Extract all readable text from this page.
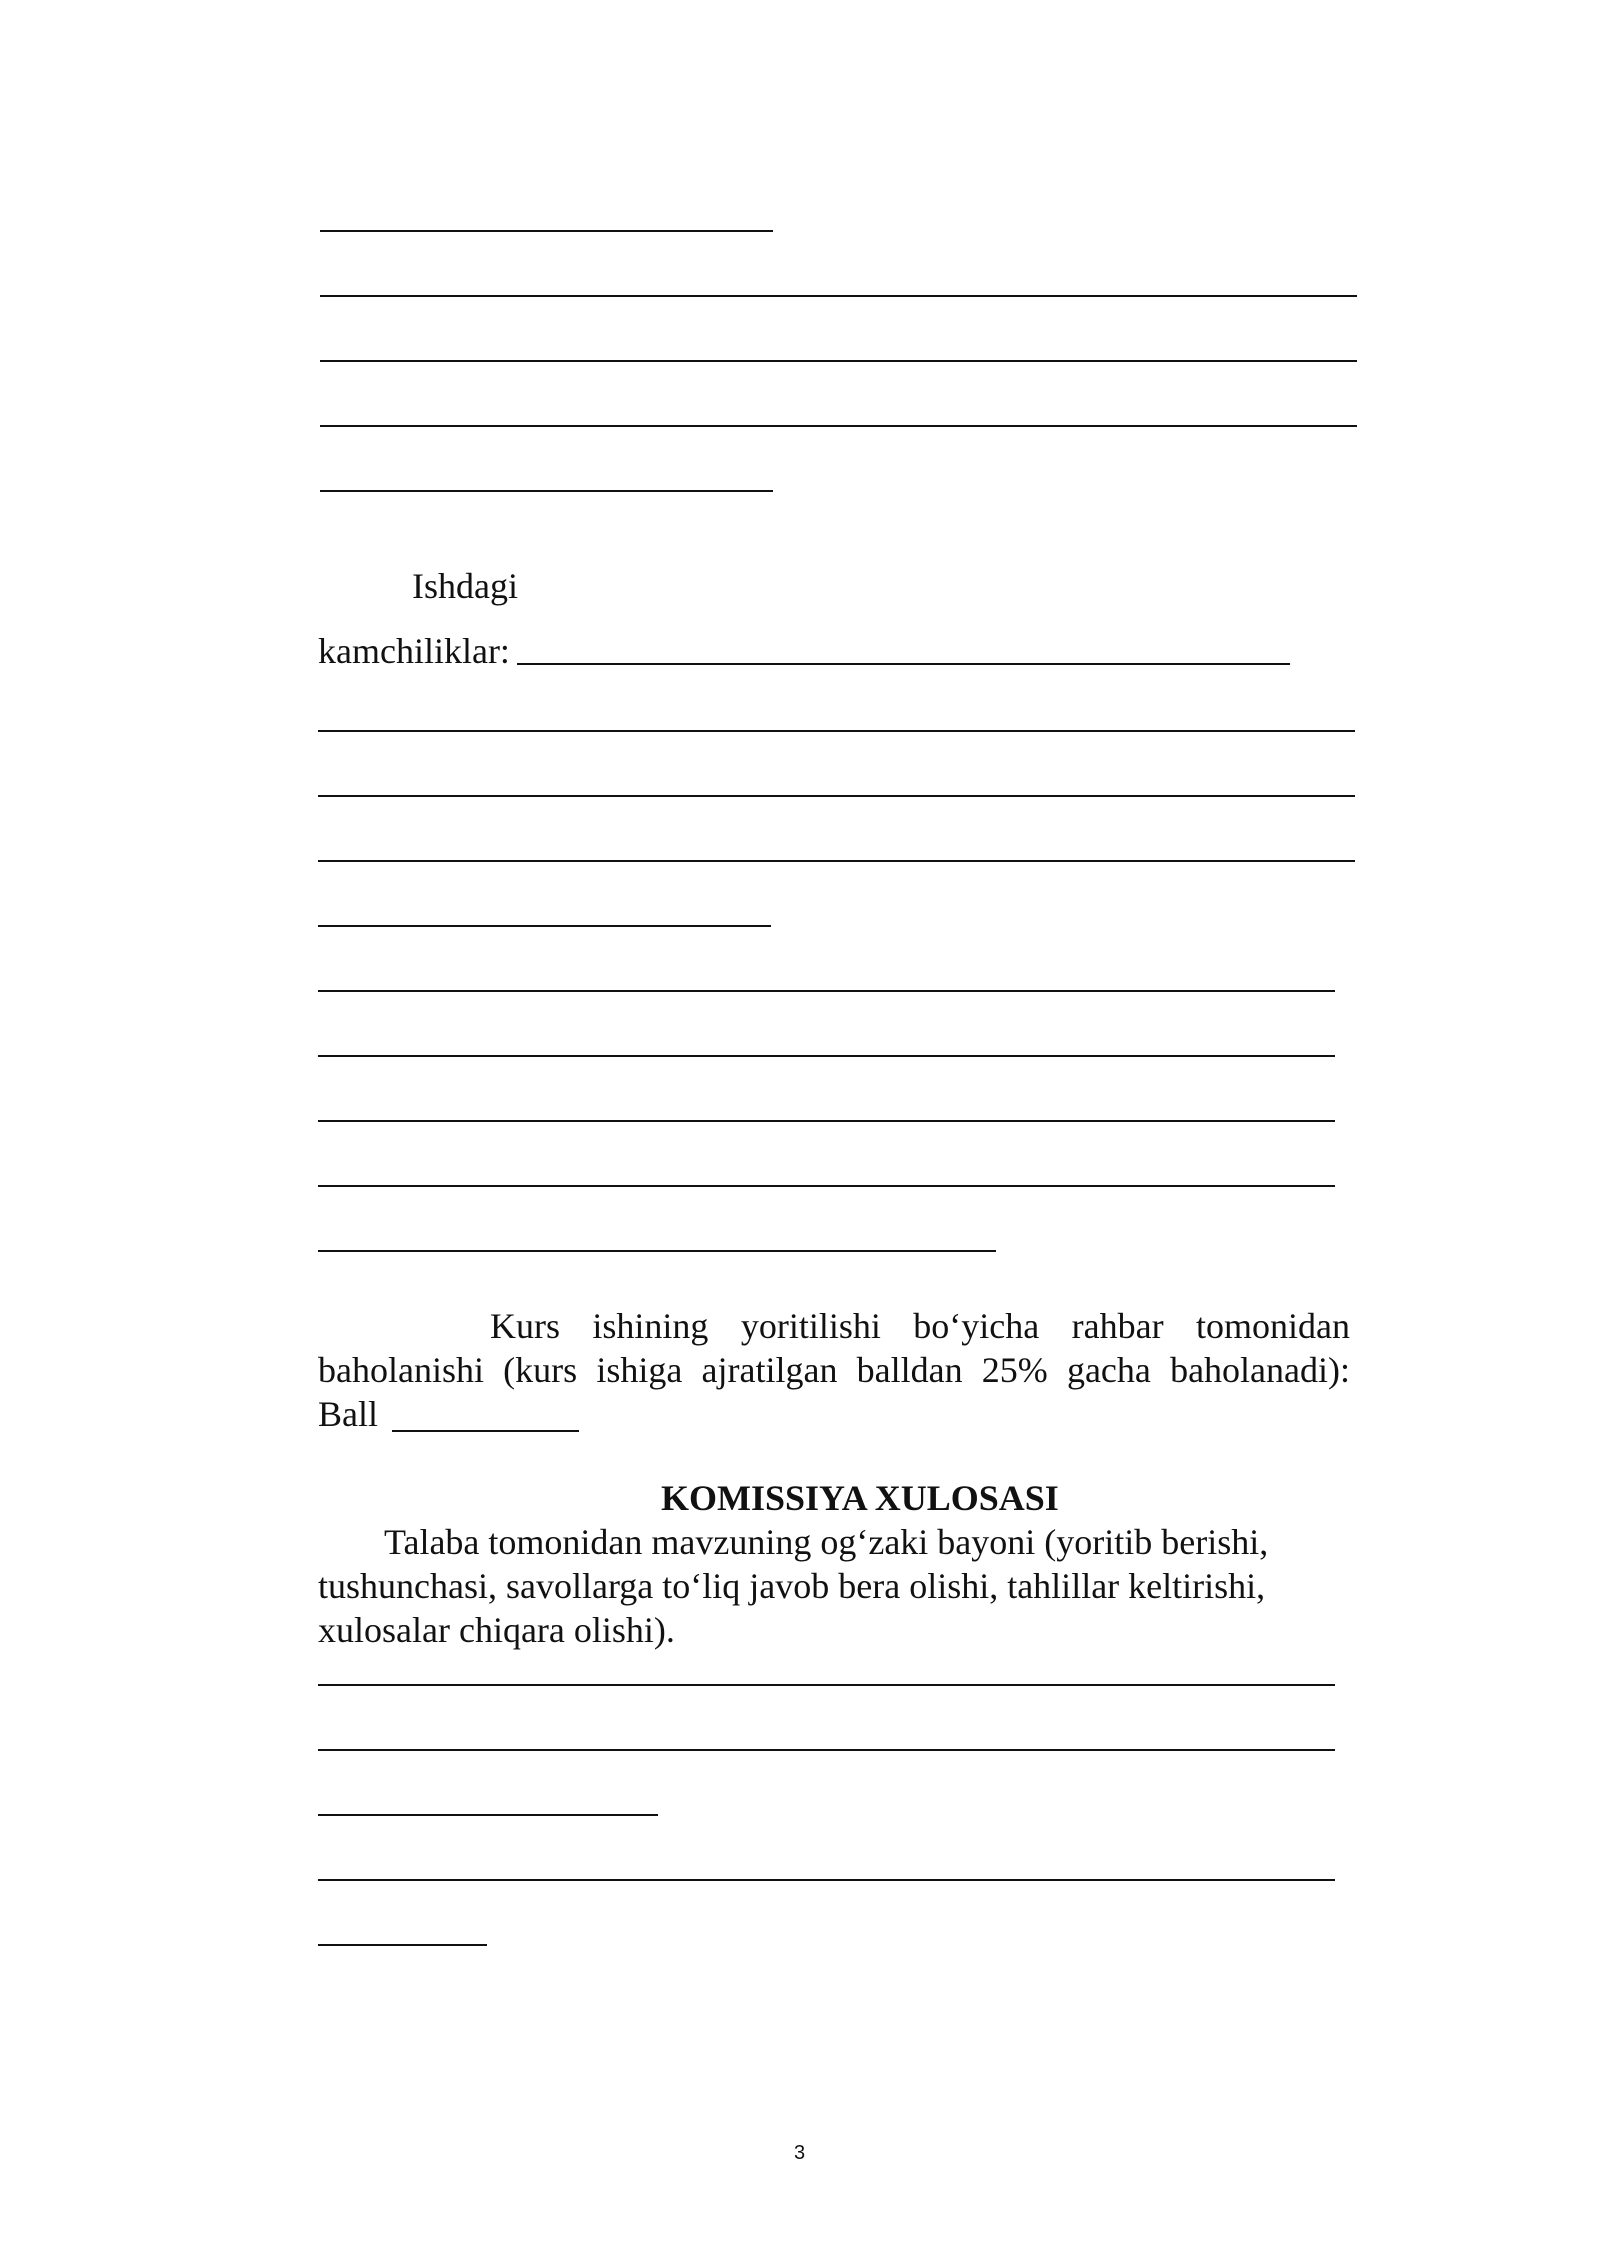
Ishdagi
kamchiliklar:
Kurs ishining yoritilishi bo‘yicha rahbar tomonidan
baholanishi (kurs ishiga ajratilgan balldan 25% gacha baholanadi):
Ball
KOMISSIYA XULOSASI
Talaba tomonidan mavzuning og‘zaki bayoni (yoritib berishi,
tushunchasi, savollarga to‘liq javob bera olishi, tahlillar keltirishi,
xulosalar chiqara olishi).
3
